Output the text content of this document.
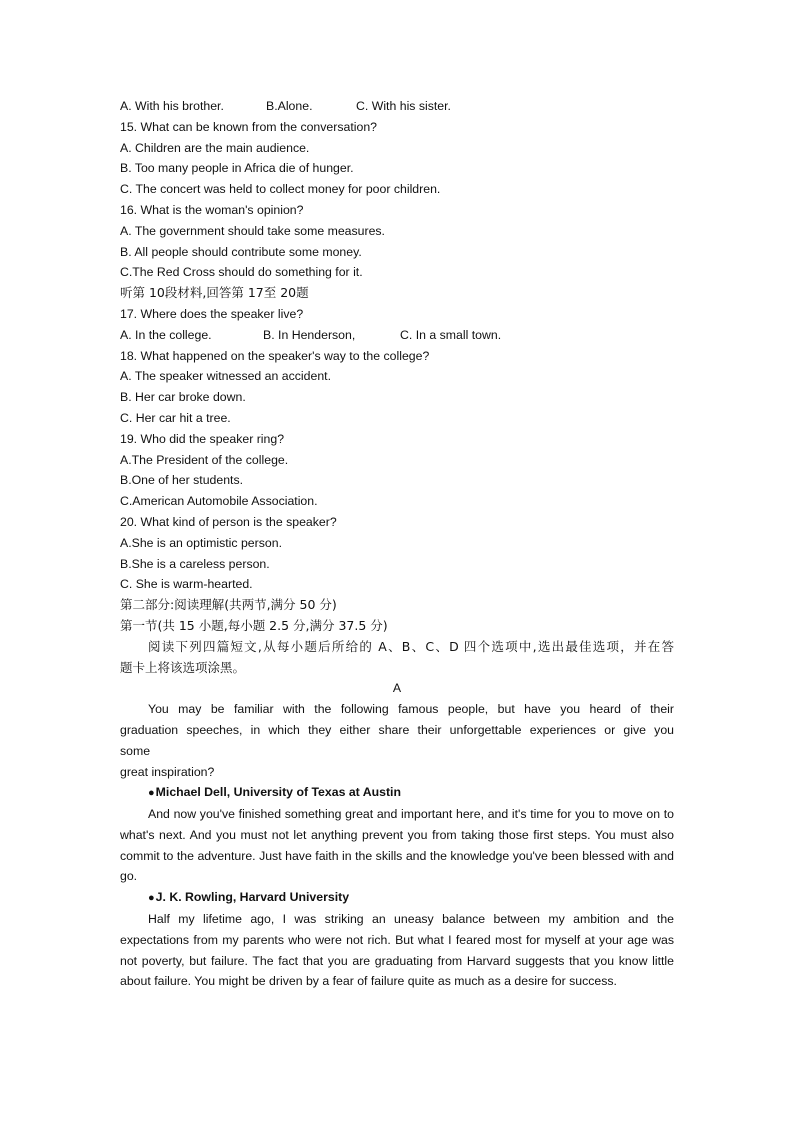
A. With his brother.	B.Alone.	C. With his sister.

15. What can be known from the conversation?

A. Children are the main audience.

B. Too many people in Africa die of hunger.

C. The concert was held to collect money for poor children.

16. What is the woman's opinion?

A. The government should take some measures.

B. All people should contribute some money.

C.The Red Cross should do something for it.

听第 10段材料,回答第 17至 20题

17. Where does the speaker live?

A. In the college.	B. In Henderson,	C. In a small town.

18. What happened on the speaker's way to the college?

A. The speaker witnessed an accident.

B. Her car broke down.

C. Her car hit a tree.

19. Who did the speaker ring?

A.The President of the college.

B.One of her students.

C.American Automobile Association.

20. What kind of person is the speaker?

A.She is an optimistic person.

B.She is a careless person.

C. She is warm-hearted.

第二部分:阅读理解(共两节,满分 50 分)

第一节(共 15 小题,每小题 2.5 分,满分 37.5 分)

阅读下列四篇短文,从每小题后所给的 A、B、C、D 四个选项中,选出最佳选项，并在答

题卡上将该选项涂黑。

A

You may be familiar with the following famous people, but have you heard of their

graduation speeches, in which they either share their unforgettable experiences or give you

some

great inspiration?

●Michael Dell, University of Texas at Austin

And now you've finished something great and important here, and it's time for you to move on to what's next. And you must not let anything prevent you from taking those first steps. You must also commit to the adventure. Just have faith in the skills and the knowledge you've been blessed with and go.

●J. K. Rowling, Harvard University

Half my lifetime ago, I was striking an uneasy balance between my ambition and the expectations from my parents who were not rich. But what I feared most for myself at your age was not poverty, but failure. The fact that you are graduating from Harvard suggests that you know little about failure. You might be driven by a fear of failure quite as much as a desire for success.
